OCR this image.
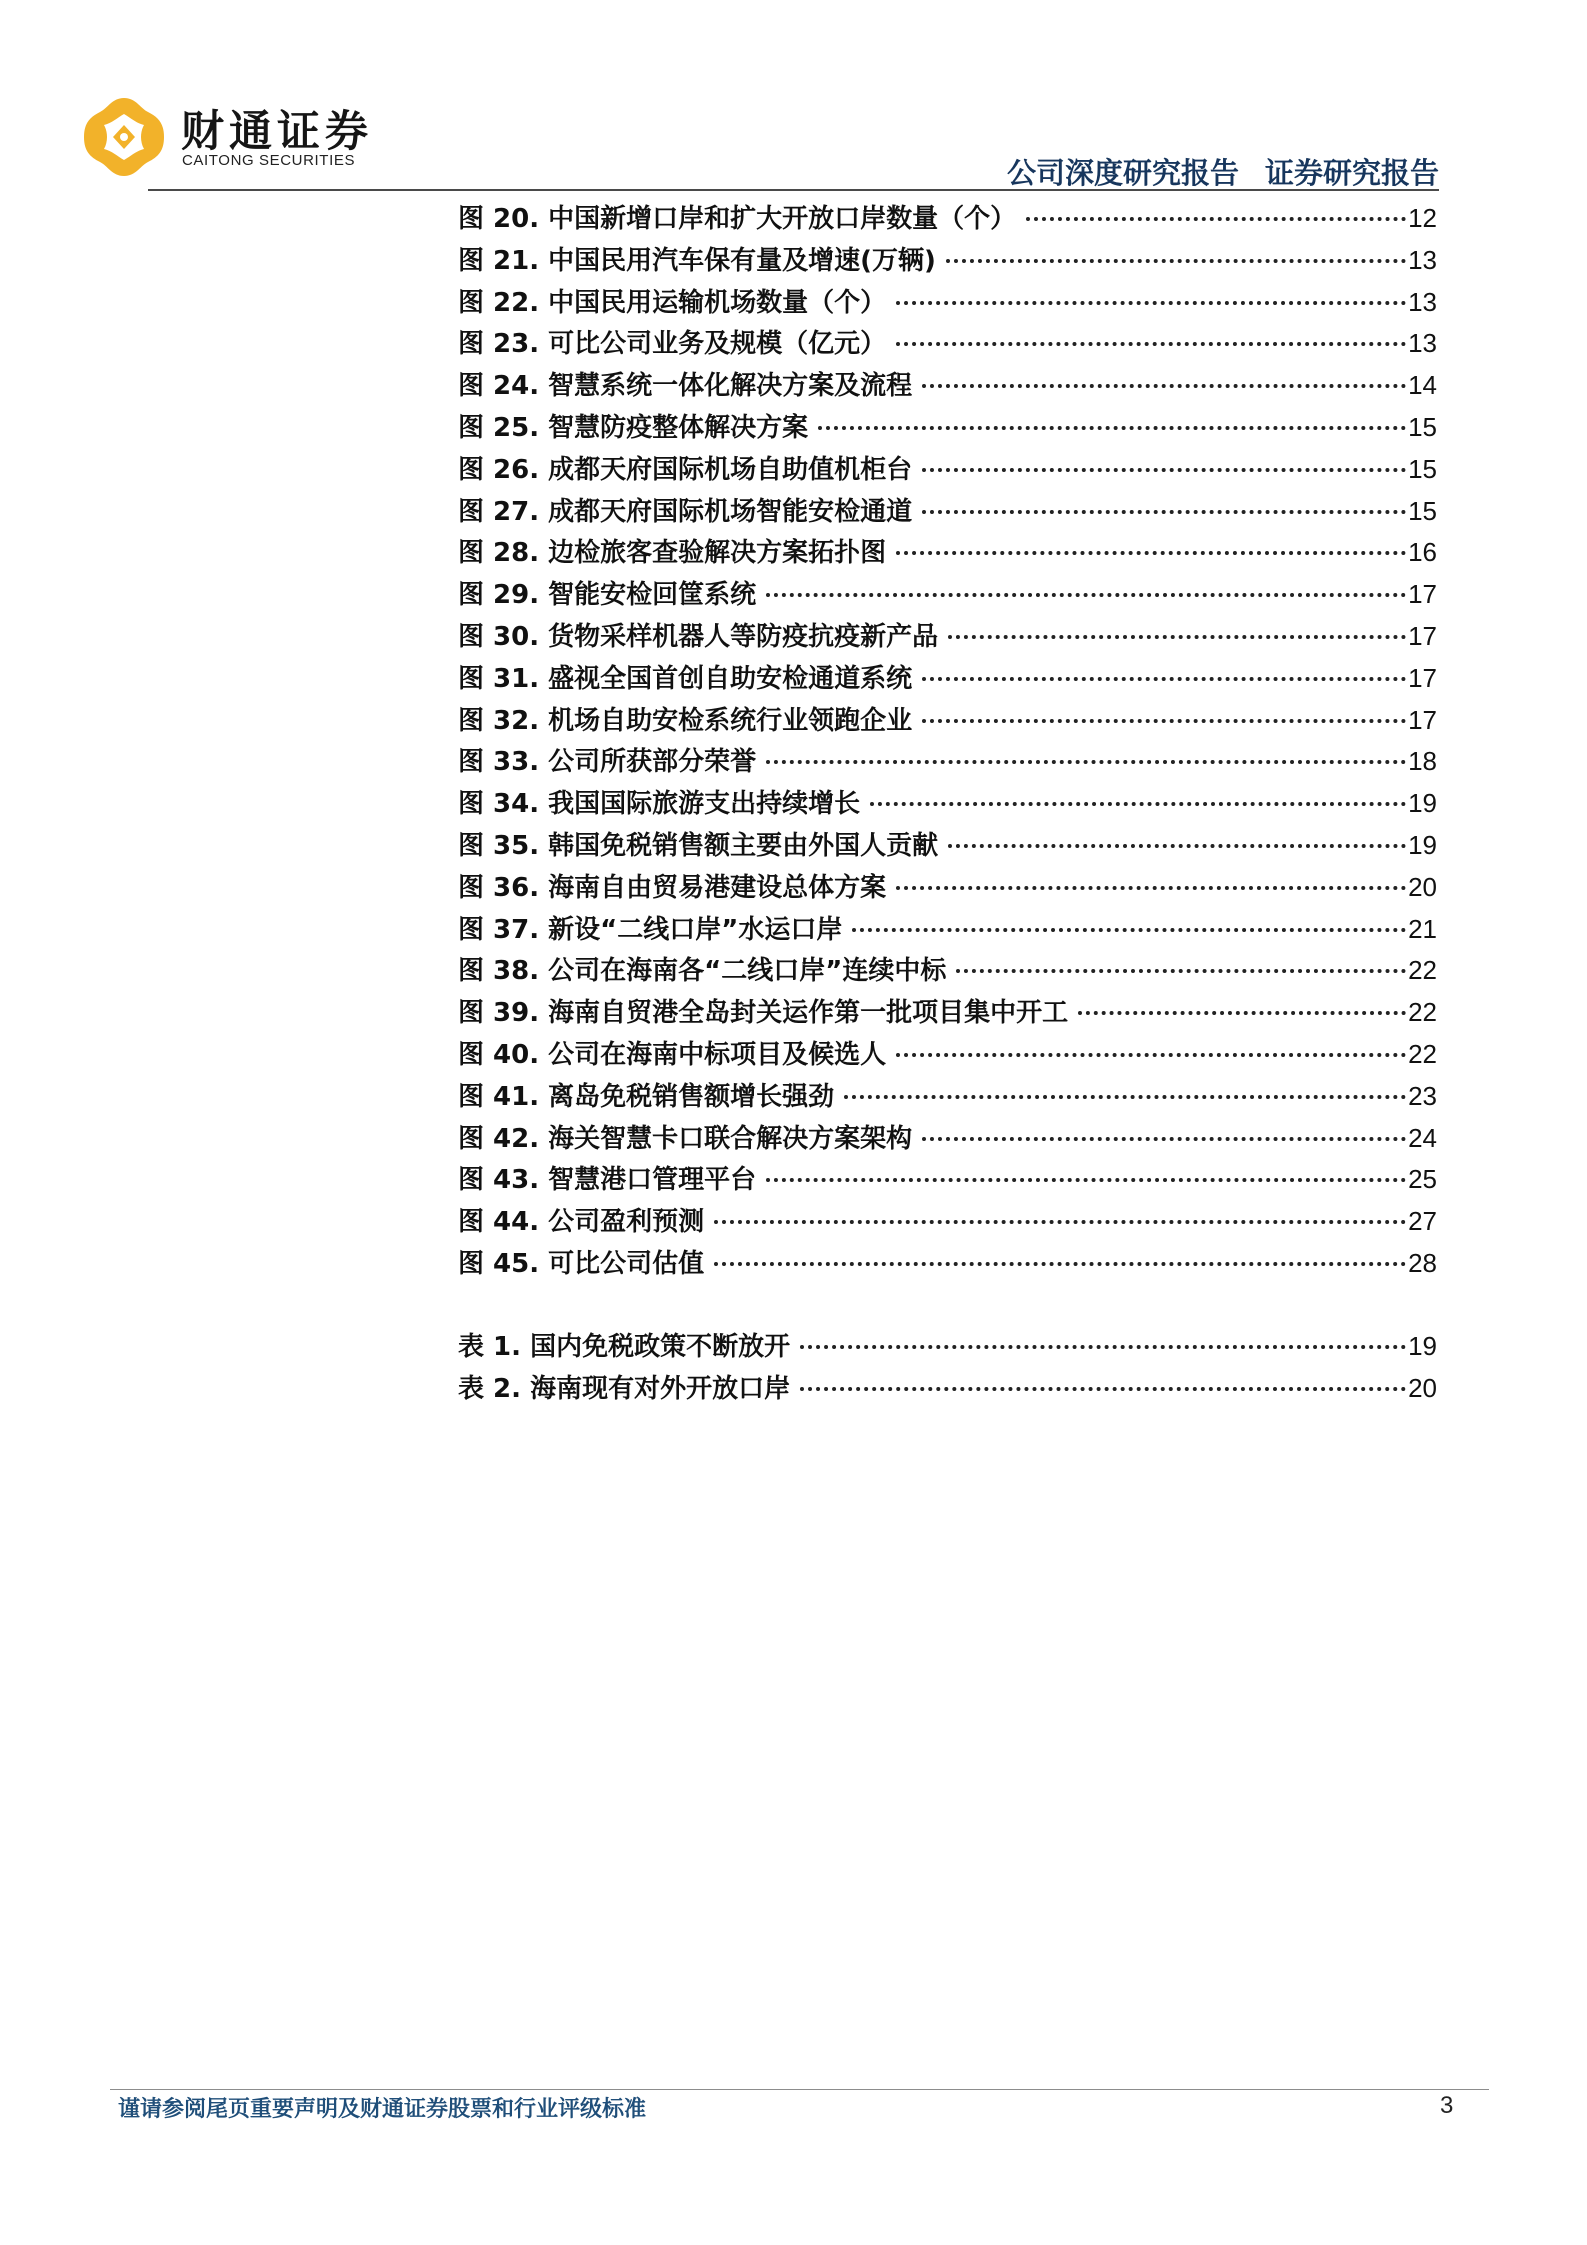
财通证券
CAITONG SECURITIES	公司深度研究报告 证券研究报告
图 20. 中国新增口岸和扩大开放口岸数量（个）	12
图 21. 中国民用汽车保有量及增速(万辆)	13
图 22. 中国民用运输机场数量（个）	13
图 23. 可比公司业务及规模（亿元）	13
图 24. 智慧系统一体化解决方案及流程	14
图 25. 智慧防疫整体解决方案	15
图 26. 成都天府国际机场自助值机柜台	15
图 27. 成都天府国际机场智能安检通道	15
图 28. 边检旅客查验解决方案拓扑图	16
图 29. 智能安检回筐系统	17
图 30. 货物采样机器人等防疫抗疫新产品	17
图 31. 盛视全国首创自助安检通道系统	17
图 32. 机场自助安检系统行业领跑企业	17
图 33. 公司所获部分荣誉	18
图 34. 我国国际旅游支出持续增长	19
图 35. 韩国免税销售额主要由外国人贡献	19
图 36. 海南自由贸易港建设总体方案	20
图 37. 新设“二线口岸”水运口岸	21
图 38. 公司在海南各“二线口岸”连续中标	22
图 39. 海南自贸港全岛封关运作第一批项目集中开工	22
图 40. 公司在海南中标项目及候选人	22
图 41. 离岛免税销售额增长强劲	23
图 42. 海关智慧卡口联合解决方案架构	24
图 43. 智慧港口管理平台	25
图 44. 公司盈利预测	27
图 45. 可比公司估值	28
表 1. 国内免税政策不断放开	19
表 2. 海南现有对外开放口岸	20
谨请参阅尾页重要声明及财通证券股票和行业评级标准	3
